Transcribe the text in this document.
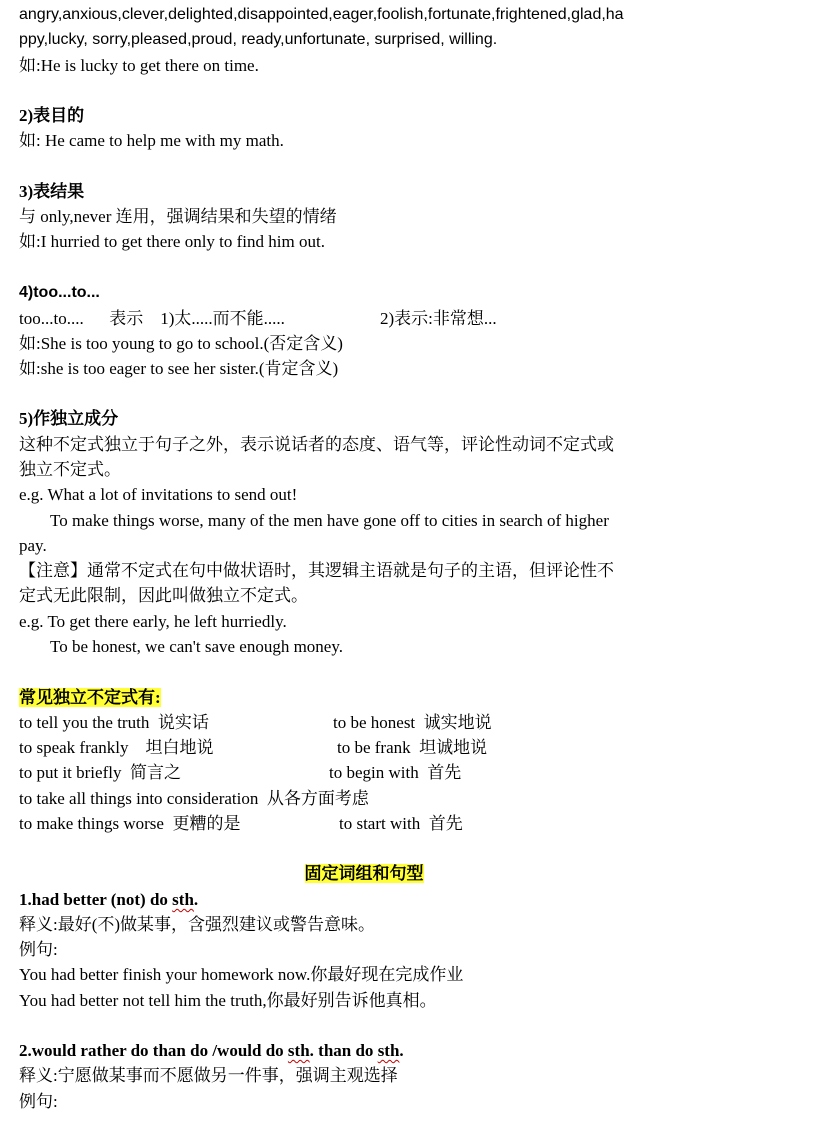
angry,anxious,clever,delighted,disappointed,eager,foolish,fortunate,frightened,glad,ha
ppy,lucky, sorry,pleased,proud, ready,unfortunate, surprised, willing.
如:He is lucky to get there on time.
2)表目的
如: He came to help me with my math.
3)表结果
与 only,never 连用，强调结果和失望的情绪
如:I hurried to get there only to find him out.
4)too...to...
too...to....      表示    1)太.....而不能.....	2)表示:非常想...
如:She is too young to go to school.(否定含义)
如:she is too eager to see her sister.(肯定含义)
5)作独立成分
这种不定式独立于句子之外，表示说话者的态度、语气等，评论性动词不定式或
独立不定式。
e.g. What a lot of invitations to send out!
To make things worse, many of the men have gone off to cities in search of higher
pay.
【注意】通常不定式在句中做状语时，其逻辑主语就是句子的主语，但评论性不
定式无此限制，因此叫做独立不定式。
e.g. To get there early, he left hurriedly.
To be honest, we can't save enough money.
常见独立不定式有:
to tell you the truth  说实话	to be honest  诚实地说
to speak frankly    坦白地说	to be frank  坦诚地说
to put it briefly  简言之	to begin with  首先
to take all things into consideration  从各方面考虑
to make things worse  更糟的是	to start with  首先
固定词组和句型
1.had better (not) do sth.
释义:最好(不)做某事，含强烈建议或警告意味。
例句:
You had better finish your homework now.你最好现在完成作业
You had better not tell him the truth,你最好别告诉他真相。
2.would rather do than do /would do sth. than do sth.
释义:宁愿做某事而不愿做另一件事，强调主观选择
例句:
